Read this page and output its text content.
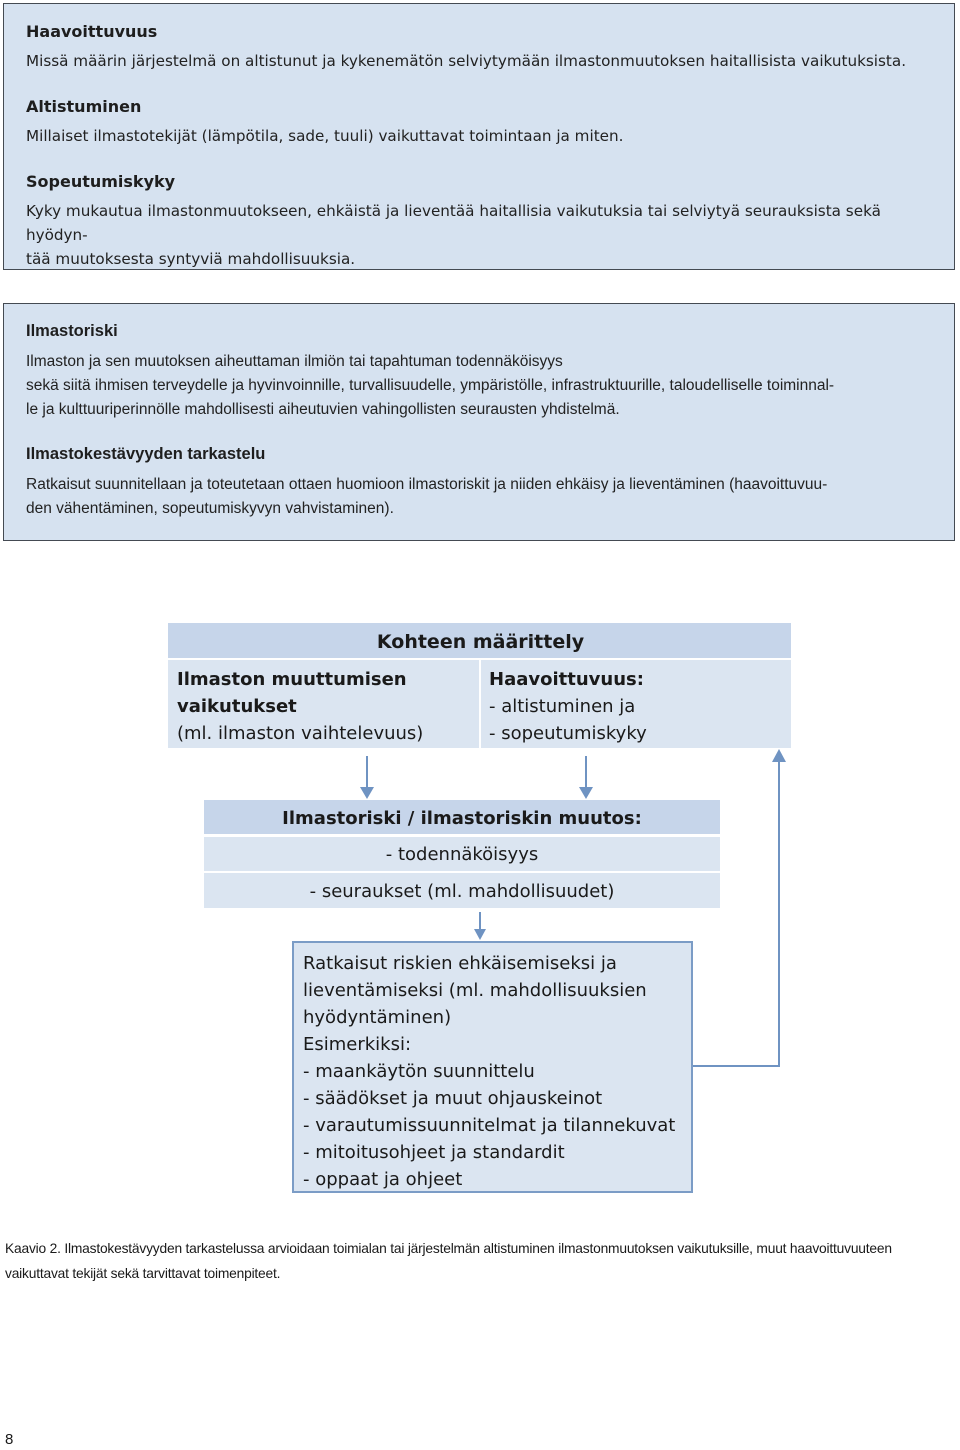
Haavoittuvuus
Missä määrin järjestelmä on altistunut ja kykenemätön selviytymään ilmastonmuutoksen haitallisista vaikutuksista.
Altistuminen
Millaiset ilmastotekijät (lämpötila, sade, tuuli) vaikuttavat toimintaan ja miten.
Sopeutumiskyky
Kyky mukautua ilmastonmuutokseen, ehkäistä ja lieventää haitallisia vaikutuksia tai selviytyä seurauksista sekä hyödyn-
tää muutoksesta syntyviä mahdollisuuksia.
Ilmastoriski
Ilmaston ja sen muutoksen aiheuttaman ilmiön tai tapahtuman todennäköisyys
sekä siitä ihmisen terveydelle ja hyvinvoinnille, turvallisuudelle, ympäristölle, infrastruktuurille, taloudelliselle toiminnal-
le ja kulttuuriperinnölle mahdollisesti aiheutuvien vahingollisten seurausten yhdistelmä.
Ilmastokestävyyden tarkastelu
Ratkaisut suunnitellaan ja toteutetaan ottaen huomioon ilmastoriskit ja niiden ehkäisy ja lieventäminen (haavoittuvuu-
den vähentäminen, sopeutumiskyvyn vahvistaminen).
Kohteen määrittely
Ilmaston muuttumisen
vaikutukset
(ml. ilmaston vaihtelevuus)
Haavoittuvuus:
- altistuminen ja
- sopeutumiskyky
Ilmastoriski / ilmastoriskin muutos:
- todennäköisyys
- seuraukset (ml. mahdollisuudet)
Ratkaisut riskien ehkäisemiseksi ja
lieventämiseksi (ml. mahdollisuuksien
hyödyntäminen)
Esimerkiksi:
- maankäytön suunnittelu
- säädökset ja muut ohjauskeinot
- varautumissuunnitelmat ja tilannekuvat
- mitoitusohjeet ja standardit
- oppaat ja ohjeet
Kaavio 2. Ilmastokestävyyden tarkastelussa arvioidaan toimialan tai järjestelmän altistuminen ilmastonmuutoksen vaikutuksille, muut haavoittuvuuteen
vaikuttavat tekijät sekä tarvittavat toimenpiteet.
8
